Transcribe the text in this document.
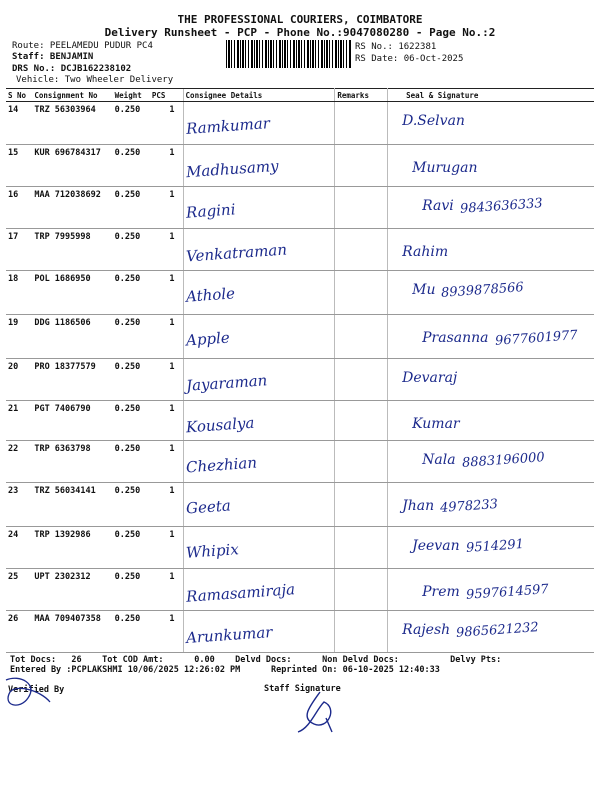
THE PROFESSIONAL COURIERS, COIMBATORE
Delivery Runsheet - PCP - Phone No.:9047080280 - Page No.:2
Route: PEELAMEDU PUDUR PC4
Staff: BENJAMIN
DRS No.: DCJB162238102
Vehicle: Two Wheeler Delivery
RS No.: 1622381
RS Date: 06-Oct-2025
S No	Consignment No	Weight	PCS	Consignee Details	Remarks	Seal & Signature
14	TRZ 56303964	0.250	1	Ramkumar		D.Selvan
15	KUR 696784317	0.250	1	Madhusamy		Murugan
16	MAA 712038692	0.250	1	Ragini		Ravi 9843636333
17	TRP 7995998	0.250	1	Venkatraman		Rahim
18	POL 1686950	0.250	1	Athole		Mu 8939878566
19	DDG 1186506	0.250	1	Apple		Prasanna 9677601977
20	PRO 18377579	0.250	1	Jayaraman		Devaraj
21	PGT 7406790	0.250	1	Kousalya		Kumar
22	TRP 6363798	0.250	1	Chezhian		Nala 8883196000
23	TRZ 56034141	0.250	1	Geeta		Jhan 4978233
24	TRP 1392986	0.250	1	Whipix		Jeevan 9514291
25	UPT 2302312	0.250	1	Ramasamiraja		Prem 9597614597
26	MAA 709407358	0.250	1	Arunkumar		Rajesh 9865621232
Tot Docs:   26    Tot COD Amt:      0.00    Delvd Docs:      Non Delvd Docs:          Delvy Pts:
Entered By :PCPLAKSHMI 10/06/2025 12:26:02 PM      Reprinted On: 06-10-2025 12:40:33
Verified By	Staff Signature
